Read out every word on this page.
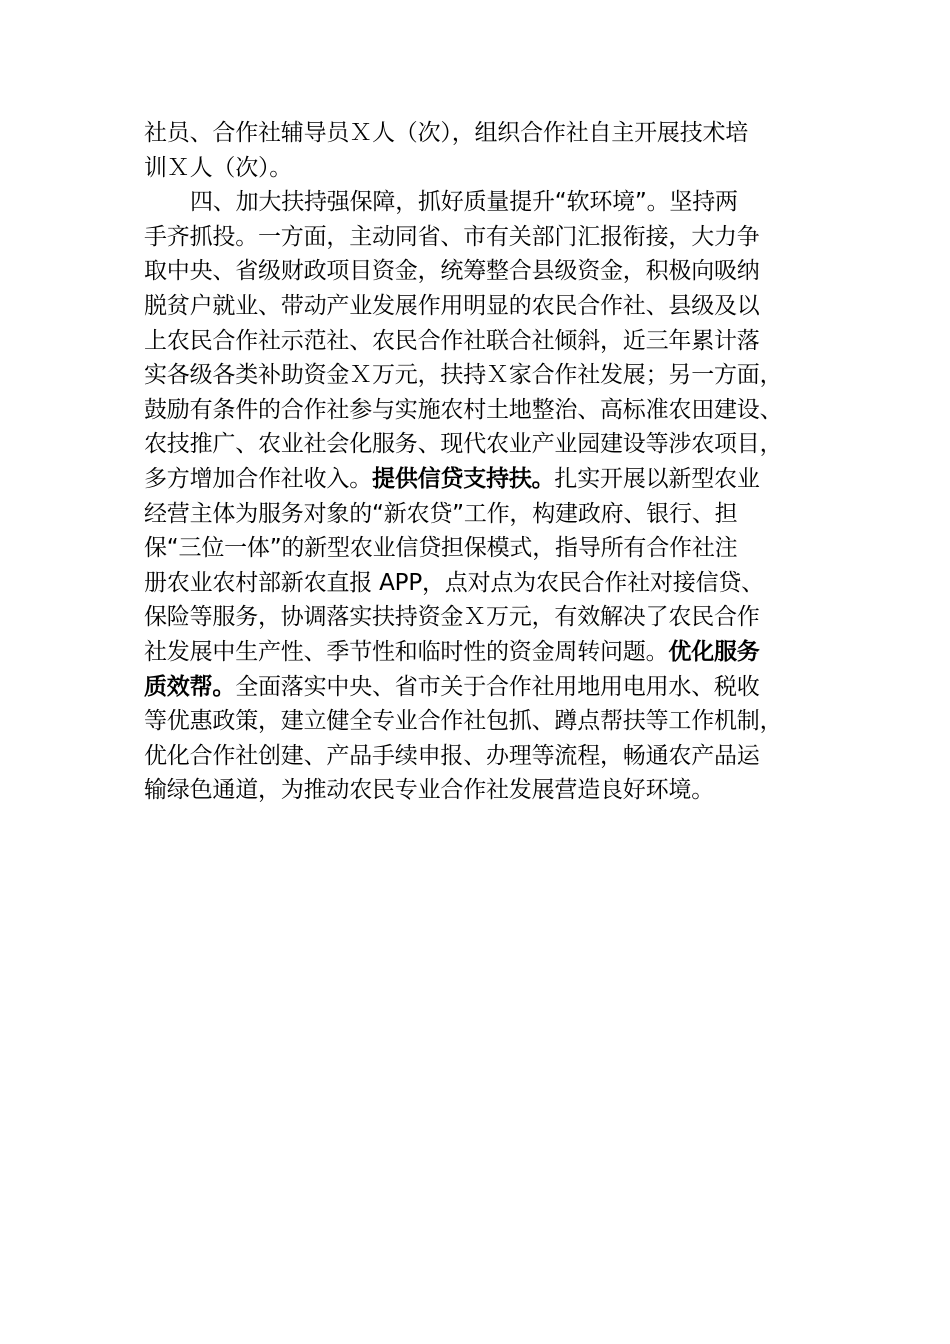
社员、合作社辅导员Ｘ人（次），组织合作社自主开展技术培
训Ｘ人（次）。
四、加大扶持强保障，抓好质量提升“软环境”。坚持两
手齐抓投。一方面，主动同省、市有关部门汇报衔接，大力争
取中央、省级财政项目资金，统筹整合县级资金，积极向吸纳
脱贫户就业、带动产业发展作用明显的农民合作社、县级及以
上农民合作社示范社、农民合作社联合社倾斜，近三年累计落
实各级各类补助资金Ｘ万元，扶持Ｘ家合作社发展；另一方面，
鼓励有条件的合作社参与实施农村土地整治、高标准农田建设、
农技推广、农业社会化服务、现代农业产业园建设等涉农项目，
多方增加合作社收入。提供信贷支持扶。扎实开展以新型农业
经营主体为服务对象的“新农贷”工作，构建政府、银行、担
保“三位一体”的新型农业信贷担保模式，指导所有合作社注
册农业农村部新农直报 APP，点对点为农民合作社对接信贷、
保险等服务，协调落实扶持资金Ｘ万元，有效解决了农民合作
社发展中生产性、季节性和临时性的资金周转问题。优化服务
质效帮。全面落实中央、省市关于合作社用地用电用水、税收
等优惠政策，建立健全专业合作社包抓、蹲点帮扶等工作机制，
优化合作社创建、产品手续申报、办理等流程，畅通农产品运
输绿色通道，为推动农民专业合作社发展营造良好环境。
